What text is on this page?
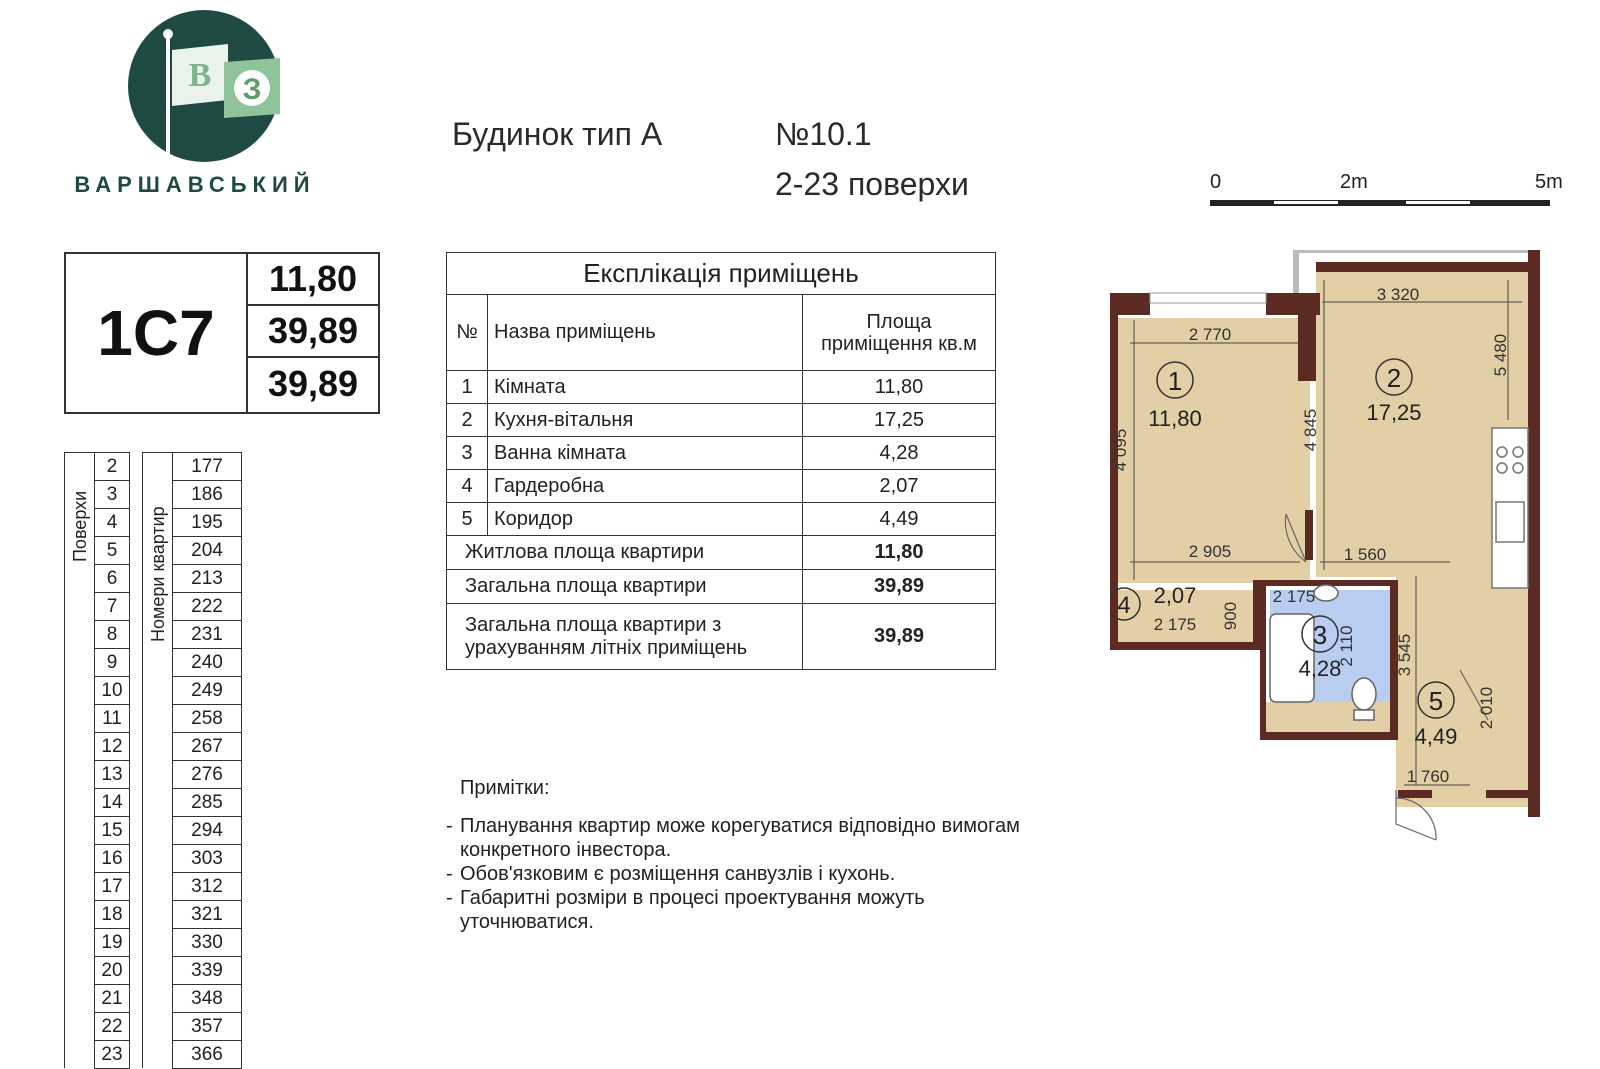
В З
ВАРШАВСЬКИЙ
Будинок тип А	№10.1
2-23 поверхи	0	2m	5m
1С7
11,80
39,89
39,89
Поверхи	Номери квартир
2	177
3	186
4	195
5	204
6	213
7	222
8	231
9	240
10	249
11	258
12	267
13	276
14	285
15	294
16	303
17	312
18	321
19	330
20	339
21	348
22	357
23	366
Експлікація приміщень		
№	Назва приміщень	Площа приміщення кв.м
1	Кімната	11,80
2	Кухня-вітальня	17,25
3	Ванна кімната	4,28
4	Гардеробна	2,07
5	Коридор	4,49
Житлова площа квартири		11,80
Загальна площа квартири		39,89
Загальна площа квартири з урахуванням літніх приміщень		39,89
Примітки:
- Планування квартир може корегуватися відповідно вимогам конкретного інвестора.
- Обов'язковим є розміщення санвузлів і кухонь.
- Габаритні розміри в процесі проектування можуть уточнюватися.
1
11,80
2
17,25
3
4,28
4 2,07
5
4,49
3 320
2 770	5 480
4 095	4 845
2 905	1 560
2 175
2 175 900
2 110 3 545
2 010
1 760
